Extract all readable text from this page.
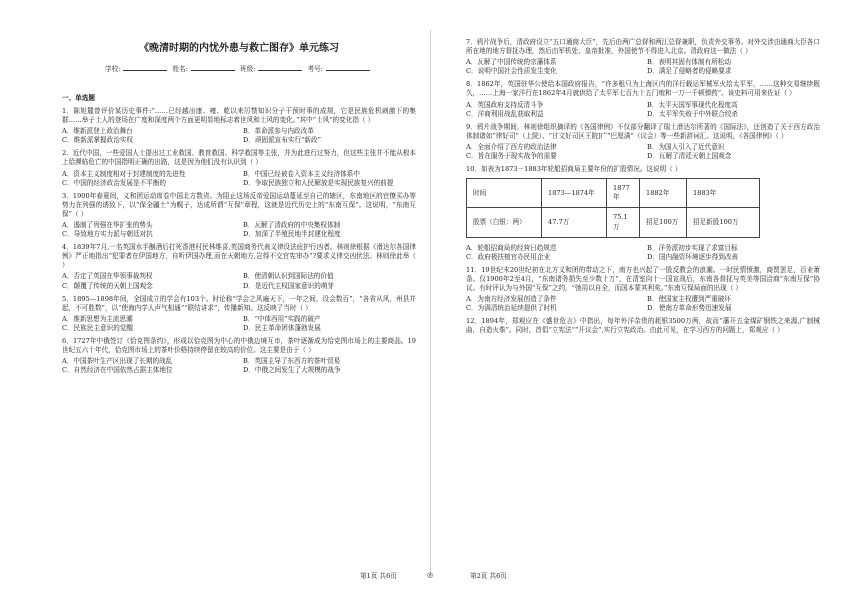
《晚清时期的内忧外患与救亡图存》单元练习
学校:	姓名:	班级:	考号:
一、单选题
1．陈旭麓曾评价某历史事件:“……已经越出康、雍、乾以来厉禁知识分子干预时事的成规，它是民族危机刺激下的集群……举子士人的登场在广度和深度两个方面更明显地标志着世风和士风的变化。”其中“士风”的变化指（ ）
A．维新派登上政治舞台	B．革命派参与内政改革
C．维新派掌握政治实权	D．顽固派宣布实行“新政”
2．近代中国，一些爱国人士提出过工业救国、教育救国、科学救国等主张，并为此进行过努力，但这些主张并不能从根本上给濒临危亡的中国指明正确的出路，这是因为他们没有认识到（ ）
A．资本主义制度相对于封建制度的先进性	B．中国已经被卷入资本主义经济体系中
C．中国的经济政治发展是不平衡的	D．争取民族独立和人民解放是实现民族复兴的前提
3．1900年春夏间，义和团运动席卷中国北方数省。为阻止这场反帝爱国运动蔓延至自己的辖区，东南地区的官僚买办等势力在列强的诱致下，以“保全疆土”为幌子，达成所谓“互保”章程，这就是近代历史上的“东南互保”。这说明，“东南互保”（ ）
A．遏制了列强在华扩张的势头	B．瓦解了清政府的中央集权体制
C．导致地方实力派与朝廷对抗	D．加深了半殖民地半封建化程度
4．1839年7月,一名英国水手酗酒后打死香港村民林维喜,英国商务代表义律设法庇护行凶者。林则徐根据《滑达尔各国律例》严正地指出“犯罪者在伊国地方，自听伊国办理,而在天朝地方,岂得不交官宪审办”?要求义律交凶伏法。林则徐此举（ ）
A．否定了英国在华领事裁判权	B．使清朝认识到国际法的价值
C．颠覆了传统的天朝上国观念	D．是近代主权国家意识的萌芽
5．1895—1898年间，全国成立的学会有103个。时论称“学会之风遍天下，一年之间，设会数百”，“各省从风，州县并起，不可胜数”，以“使海内学人声气相通”“联结讲求”，传播新知。这反映了当时（ ）
A．维新思想为主流思潮	B．“中体西用”实践的破产
C．民族民主意识的觉醒	D．民主革命团体蓬勃发展
6．1727年中俄签订《恰克图条约》，形成以恰克图为中心的中俄边境互市，茶叶逐渐成为恰克图市场上的主要商品。19世纪五六十年代，恰克图市场上的茶叶价格持续停留在较高的价位。这主要是由于（ ）
A．中国茶叶生产区出现了长期的战乱	B．英国主导了东西方的茶叶贸易
C．自然经济在中国依然占据主体地位	D．中俄之间发生了大规模的战争
7．鸦片战争后，清政府设立“五口通商大臣”，先后由两广总督和两江总督兼职，负责外交事务。对外交涉由通商大臣各口所在地的地方督抚办理，然后由军机处、皇帝批准，外国使节不得进入北京。清政府这一做法（ ）
A．瓦解了中国传统的宗藩体系	B．表明其固有体制有所松动
C．说明中国社会性质发生变化	D．满足了侵略者的侵略要求
8．1862年，英国驻华公使给本国政府报告，“许多租只为上海区内的洋行载运军械军火给太平军，……这种交易继续既久，……上海一家洋行在1862年4月就供给了太平军七百九十五门炮和一万一千顿弹药”。该史料可用来佐证（ ）
A．英国政府支持反清斗争	B．太平天国军事现代化程度高
C．洋商利用战乱获取利益	D．太平军失败于中外联合绞杀
9．鸦片战争期间，林则徐组织摘译的《各国律例》不仅部分翻译了瑞士滑达尔所著的《国际法》，还创造了关于西方政治体制诸如“律好司”（上院）、“甘文好司区王院]广”巴厘满”（议会）等一些新辞词汇。这说明，《各国律例》（ ）
A．全面介绍了西方的政治法律	B．为国人引入了近代意识
C．旨在服务于现实战争的需要	D．瓦解了清廷天朝上国观念
10．如表为1873－1883年轮船招商局主要年份的扩股情况。这说明（ ）
时间	1873—1874年	1877年	1882年	1883年
股票（白银：两）	47.7万	75.1万	招足100万	招足新股100万
A．轮船招商局的经营日趋规范	B．洋务派初步实现了求富目标
C．政府极扶植官办民用企业	D．国内融资环境逐步得到改善
11．19世纪末20世纪初在北方义和团的带动之下，南方也兴起了一股反教会的浪潮。一时民情愤激，商贾罢足，百业萧条。仅1900年2至4月，“东南诸务损失至少数十万”，在清室向十一国宣战后，东南各督抚与英美等国洽商“东南互保”协议。有时评认为与外国“互保”之约，“弛用以自全，而国本蒙其利矣。”东南互保局面的出现（ ）
A．为南方经济发展创造了条件	B．使国家主权遭到严重破坏
C．为满清统治延续提供了时机	D．使南方革命形势迅速发展
12．1894年，郑观应在《盛世危言》中指出，每年外洋杂货的耗银3500万两，故而“藩开五金煤矿钢铁之来源,广制械曲，自造火柴”。同时，首倡“立宪法”“开议会”,实行立宪政治。由此可见，在学习西方的问题上，郑观应（ ）
第1页 共6页	◎	第2页 共6页
